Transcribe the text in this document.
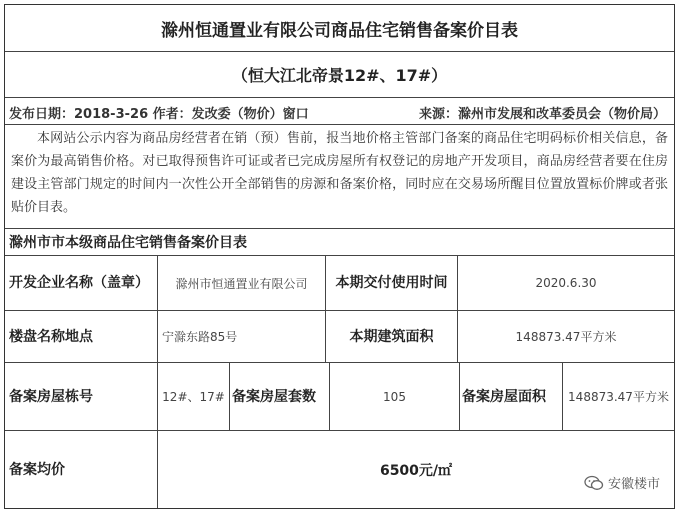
滁州恒通置业有限公司商品住宅销售备案价目表
（恒大江北帝景12#、17#）
发布日期：2018-3-26 作者：发改委（物价）窗口	来源：滁州市发展和改革委员会（物价局）
本网站公示内容为商品房经营者在销（预）售前，报当地价格主管部门备案的商品住宅明码标价相关信息，备案价为最高销售价格。对已取得预售许可证或者已完成房屋所有权登记的房地产开发项目，商品房经营者要在住房建设主管部门规定的时间内一次性公开全部销售的房源和备案价格，同时应在交易场所醒目位置放置标价牌或者张贴价目表。
滁州市市本级商品住宅销售备案价目表
开发企业名称（盖章）	滁州市恒通置业有限公司	本期交付使用时间	2020.6.30
楼盘名称地点	宁滁东路85号	本期建筑面积	148873.47平方米
备案房屋栋号	12#、17# 备案房屋套数	105	备案房屋面积	148873.47平方米
备案均价	6500元/㎡
安徽楼市
